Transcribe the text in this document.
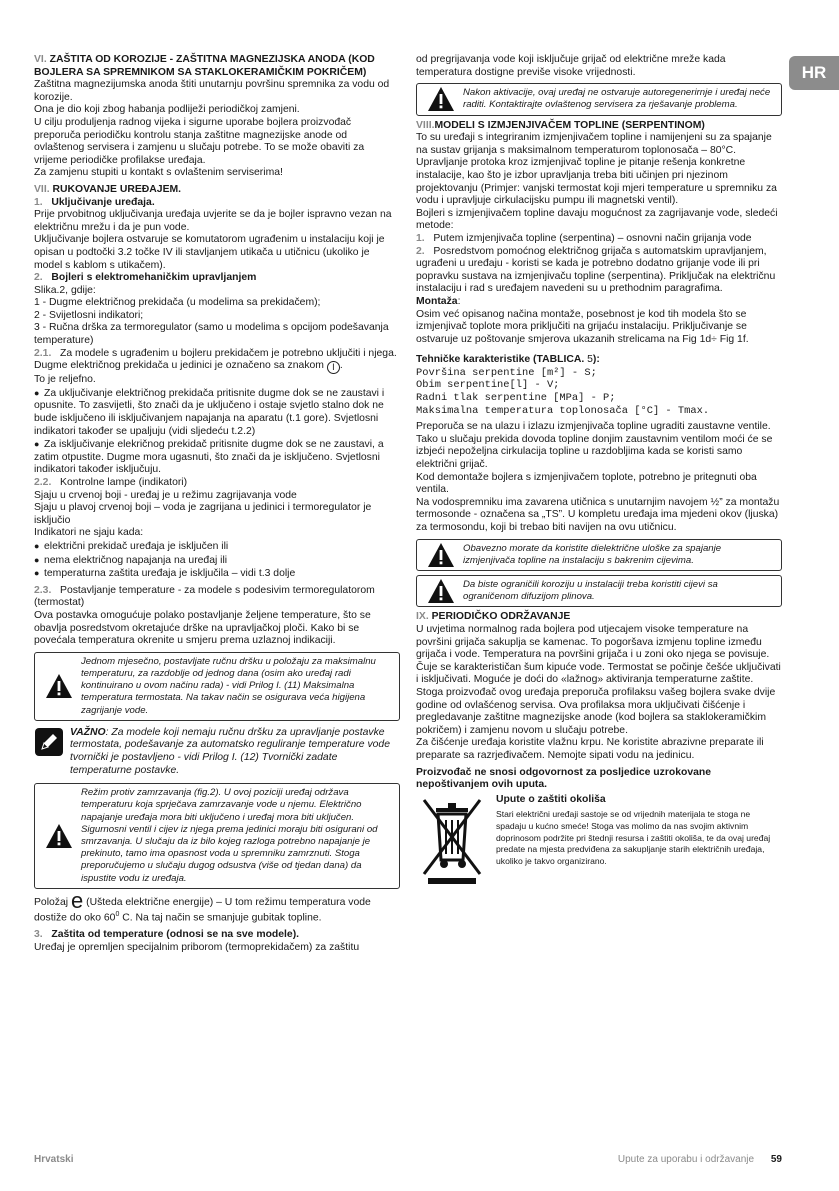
VI. ZAŠTITA OD KOROZIJE - ZAŠTITNA MAGNEZIJSKA ANODA (KOD BOJLERA SA SPREMNIKOM SA STAKLOKERAMIČKIM POKRIČEM)
Zaštitna magnezijumska anoda štiti unutarnju površinu spremnika za vodu od korozije.
Ona je dio koji zbog habanja podliježi periodičkoj zamjeni.
U cilju produljenja radnog vijeka i sigurne uporabe bojlera proizvođač preporuča periodičku kontrolu stanja zaštitne magnezijske anode od ovlaštenog servisera i zamjenu u slučaju potrebe. To se može obaviti za vrijeme periodičke profilakse uređaja.
Za zamjenu stupiti u kontakt s ovlaštenim serviserima!
VII. RUKOVANJE UREĐAJEM.
1. Uključivanje uređaja.
Prije prvobitnog uključivanja uređaja uvjerite se da je bojler ispravno vezan na električnu mrežu i da je pun vode.
Uključivanje bojlera ostvaruje se komutatorom ugrađenim u instalaciju koji je opisan u podtočki 3.2 točke IV ili stavljanjem utikača u utičnicu (ukoliko je model s kablom s utikačem).
2. Bojleri s elektromehaničkim upravljanjem
Slika.2, gdije:
1 - Dugme električnog prekidača (u modelima sa prekidačem);
2 - Svijetlosni indikatori;
3 - Ručna drška za termoregulator (samo u modelima s opcijom podešavanja temperature)
2.1. Za modele s ugrađenim u bojleru prekidačem je potrebno uključiti i njega.
Dugme električnog prekidača u jedinici je označeno sa znakom I .
To je reljefno.
● Za uključivanje električnog prekidača pritisnite dugme dok se ne zaustavi i opusnite. To zasvijetli, što znači da je uključeno i ostaje svjetlo stalno dok ne bude isključeno ili isključivanjem napajanja na aparatu (t.1 gore). Svjetlosni indikatori također se upaljuju (vidi sljedeću t.2.2)
● Za isključivanje elekričnog prekidač pritisnite dugme dok se ne zaustavi, a zatim otpustite. Dugme mora ugasnuti, što znači da je isključeno. Svjetlosni indikatori također isključuju.
2.2. Kontrolne lampe (indikatori)
Sjaju u crvenoj boji - uređaj je u režimu zagrijavanja vode
Sjaju u plavoj crvenoj boji – voda je zagrijana u jedinici i termoregulator je isključio
Indikatori ne sjaju kada:
● električni prekidač uređaja je isključen ili
● nema električnog napajanja na uređaj ili
● temperaturna zaštita uređaja je isključila – vidi t.3 dolje
2.3. Postavljanje temperature - za modele s podesivim termoregulatorom (termostat)
Ova postavka omogućuje polako postavljanje željene temperature, što se obavlja posredstvom okretajuće drške na upravljačkoj ploči. Kako bi se povećala temperatura okrenite u smjeru prema uzlaznoj indikaciji.
Jednom mjesečno, postavljate ručnu dršku u položaju za maksimalnu temperaturu, za razdoblje od jednog dana (osim ako uređaj radi kontinuirano u ovom načinu rada) - vidi Prilog I. (11) Maksimalna temperatura termostata. Na takav način se osigurava veća higijena zagrijanje vode.
VAŽNO: Za modele koji nemaju ručnu dršku za upravljanje postavke termostata, podešavanje za automatsko reguliranje temperature vode tvornički je postavljeno - vidi Prilog I. (12) Tvornički zadate temperaturne postavke.
Režim protiv zamrzavanja (fig.2). U ovoj poziciji uređaj održava temperaturu koja sprječava zamrzavanje vode u njemu. Električno napajanje uređaja mora biti uključeno i uređaj mora biti uključen. Sigurnosni ventil i cijev iz njega prema jedinici moraju biti osigurani od smrzavanja. U slučaju da iz bilo kojeg razloga potrebno napajanje je prekinuto, tamo ima opasnost voda u spremniku zamrznuti. Stoga preporučujemo u slučaju dugog odsustva (više od tjedan dana) da ispustite vodu iz uređaja.
Položaj e (Ušteda električne energije) – U tom režimu temperatura vode dostiže do oko $60^0$ C. Na taj način se smanjuje gubitak topline.
3. Zaštita od temperature (odnosi se na sve modele).
Uređaj je opremljen specijalnim priborom (termoprekidačem) za zaštitu
od pregrijavanja vode koji isključuje grijač od električne mreže kada temperatura dostigne previše visoke vrijednosti.
Nakon aktivacije, ovaj uređaj ne ostvaruje autoregenerirnje i uređaj neće raditi. Kontaktirajte ovlaštenog servisera za rješavanje problema.
VIII.MODELI S IZMJENJIVAČEM TOPLINE (SERPENTINOM)
To su uređaji s integriranim izmjenjivačem topline i namijenjeni su za spajanje na sustav grijanja s maksimalnom temperaturom toplonosača – 80°C.
Upravljanje protoka kroz izmjenjivač topline je pitanje rešenja konkretne instalacije, kao što je izbor upravljanja treba biti učinjen pri njezinom projektovanju (Primjer: vanjski termostat koji mjeri temperature u spremniku za vodu i upravljuje cirkulacijsku pumpu ili magnetski ventil).
Bojleri s izmjenjivačem topline davaju mogućnost za zagrijavanje vode, sledeći metode:
1. Putem izmjenjivača topline (serpentina) – osnovni način grijanja vode
2. Posredstvom pomoćnog električnog grijača s automatskim upravljanjem, ugrađeni u uređaju - koristi se kada je potrebno dodatno grijanje vode ili pri popravku sustava na izmjenjivaču topline (serpentina). Priključak na električnu instalaciju i rad s uređajem navedeni su u prethodnim paragrafima.
Montaža:
Osim već opisanog načina montaže, posebnost je kod tih modela što se izmjenjivač toplote mora priključiti na grijaću instalaciju. Priključivanje se ostvaruje uz poštovanje smjerova ukazanih strelicama na Fig 1d÷ Fig 1f.
Tehničke karakteristike (TABLICA. 5):
Površina serpentine [m²] - S;
Obim serpentine[l] - V;
Radni tlak serpentine [MPa] - P;
Maksimalna temperatura toplonosača [°C] - Tmax.
Preporuča se na ulazu i izlazu izmjenjivača topline ugraditi zaustavne ventile. Tako u slučaju prekida dovoda topline donjim zaustavnim ventilom moći će se izbjeći nepoželjna cirkulacija topline u razdobljima kada se koristi samo električni grijač.
Kod demontaže bojlera s izmjenjivačem toplote, potrebno je pritegnuti oba ventila.
Na vodospremniku ima zavarena utičnica s unutarnjim navojem ½” za montažu termosonde - označena sa „TS”. U kompletu uređaja ima mjedeni okov (ljuska) za termosondu, koji bi trebao biti navijen na ovu utičnicu.
Obavezno morate da koristite dielektrične uloške za spajanje izmjenjivača topline na instalaciju s bakrenim cijevima.
Da biste ograničili koroziju u instalaciji treba koristiti cijevi sa ograničenom difuzijom plinova.
IX. PERIODIČKO ODRŽAVANJE
U uvjetima normalnog rada bojlera pod utjecajem visoke temperature na površini grijača sakuplja se kamenac. To pogoršava izmjenu topline između grijača i vode. Temperatura na površini grijača i u zoni oko njega se povisuje. Čuje se karakterističan šum kipuće vode. Termostat se počinje češće uključivati i isključivati. Moguće je doći do «lažnog» aktiviranja temperaturne zaštite. Stoga proizvođač ovog uređaja preporuča profilaksu vašeg bojlera svake dvije godine od ovlašćenog servisa. Ova profilaksa mora uključivati čišćenje i pregledavanje zaštitne magnezijske anode (kod bojlera sa staklokeramičkim pokričem) i zamjenu novom u slučaju potrebe.
Za čišćenje uređaja koristite vlažnu krpu. Ne koristite abrazivne preparate ili preparate sa razrjeđivačem. Nemojte sipati vodu na jedinicu.
Proizvođač ne snosi odgovornost za posljedice uzrokovane nepoštivanjem ovih uputa.
Upute o zaštiti okoliša
Stari električni uređaji sastoje se od vrijednih materijala te stoga ne spadaju u kućno smeće! Stoga vas molimo da nas svojim aktivnim doprinosom podržite pri štednji resursa i zaštiti okoliša, te da ovaj uređaj predate na mjesta predviđena za sakupljanje starih električnih uređaja, ukoliko je takvo organizirano.
HR
Hrvatski	Upute za uporabu i održavanje 59
